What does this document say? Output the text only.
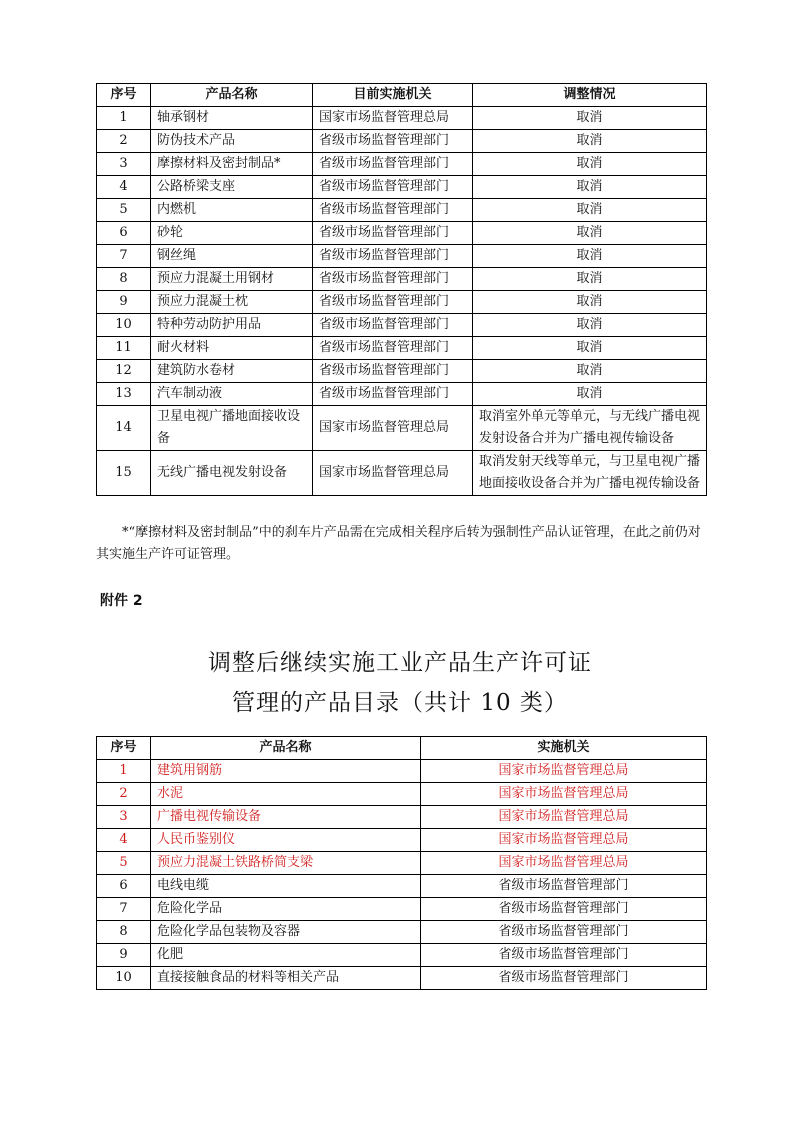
序号	产品名称	目前实施机关	调整情况
1	轴承钢材	国家市场监督管理总局	取消
2	防伪技术产品	省级市场监督管理部门	取消
3	摩擦材料及密封制品*	省级市场监督管理部门	取消
4	公路桥梁支座	省级市场监督管理部门	取消
5	内燃机	省级市场监督管理部门	取消
6	砂轮	省级市场监督管理部门	取消
7	钢丝绳	省级市场监督管理部门	取消
8	预应力混凝土用钢材	省级市场监督管理部门	取消
9	预应力混凝土枕	省级市场监督管理部门	取消
10	特种劳动防护用品	省级市场监督管理部门	取消
11	耐火材料	省级市场监督管理部门	取消
12	建筑防水卷材	省级市场监督管理部门	取消
13	汽车制动液	省级市场监督管理部门	取消
14	卫星电视广播地面接收设备	国家市场监督管理总局	取消室外单元等单元，与无线广播电视发射设备合并为广播电视传输设备
15	无线广播电视发射设备	国家市场监督管理总局	取消发射天线等单元，与卫星电视广播地面接收设备合并为广播电视传输设备
*“摩擦材料及密封制品”中的刹车片产品需在完成相关程序后转为强制性产品认证管理，在此之前仍对其实施生产许可证管理。
附件 2
调整后继续实施工业产品生产许可证
管理的产品目录（共计 10 类）
序号	产品名称	实施机关
1	建筑用钢筋	国家市场监督管理总局
2	水泥	国家市场监督管理总局
3	广播电视传输设备	国家市场监督管理总局
4	人民币鉴别仪	国家市场监督管理总局
5	预应力混凝土铁路桥简支梁	国家市场监督管理总局
6	电线电缆	省级市场监督管理部门
7	危险化学品	省级市场监督管理部门
8	危险化学品包装物及容器	省级市场监督管理部门
9	化肥	省级市场监督管理部门
10	直接接触食品的材料等相关产品	省级市场监督管理部门
